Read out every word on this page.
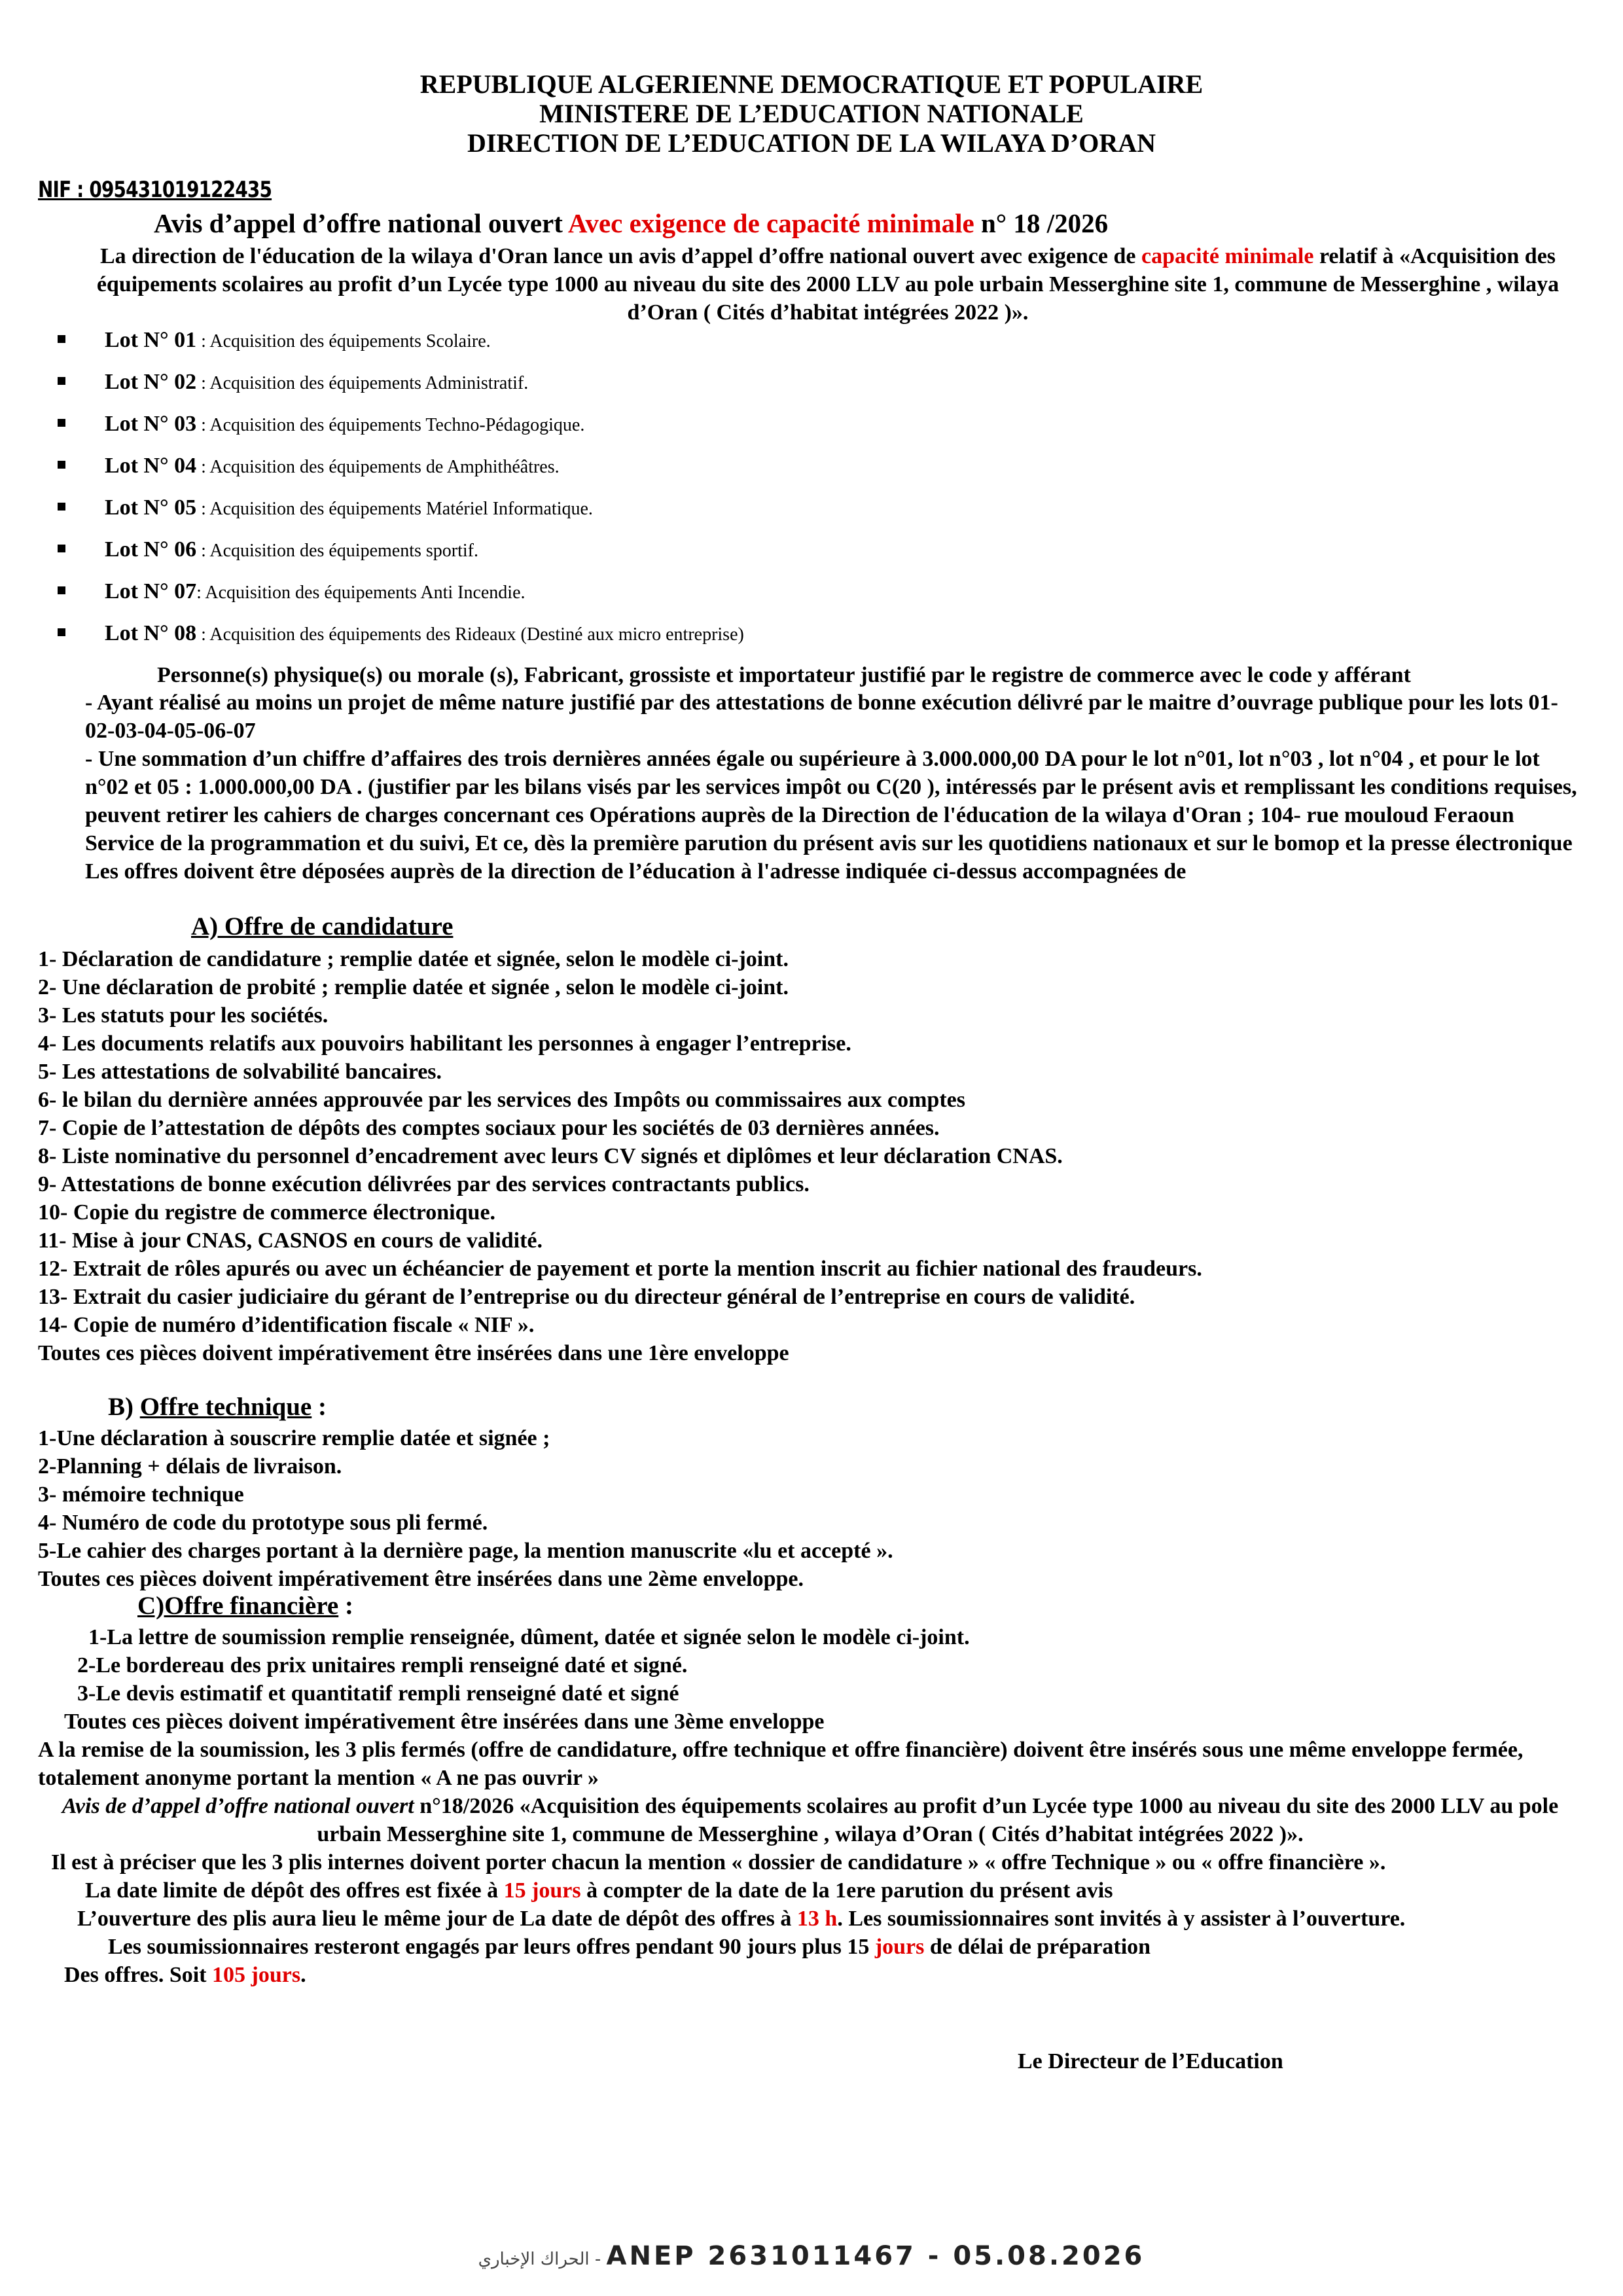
REPUBLIQUE ALGERIENNE DEMOCRATIQUE ET POPULAIRE
MINISTERE DE L’EDUCATION NATIONALE
DIRECTION DE L’EDUCATION DE LA WILAYA D’ORAN
NIF : 095431019122435
Avis d’appel d’offre national ouvert Avec exigence de capacité minimale n° 18 /2026
La direction de l'éducation de la wilaya d'Oran lance un avis d’appel d’offre national ouvert avec exigence de capacité minimale relatif à «Acquisition des équipements scolaires au profit d’un Lycée type 1000 au niveau du site des 2000 LLV au pole urbain Messerghine site 1, commune de Messerghine , wilaya d’Oran ( Cités d’habitat intégrées 2022 )».
Lot N° 01 : Acquisition des équipements Scolaire.
Lot N° 02 : Acquisition des équipements Administratif.
Lot N° 03 : Acquisition des équipements Techno-Pédagogique.
Lot N° 04 : Acquisition des équipements de Amphithéâtres.
Lot N° 05 : Acquisition des équipements Matériel Informatique.
Lot N° 06 : Acquisition des équipements sportif.
Lot N° 07: Acquisition des équipements Anti Incendie.
Lot N° 08 : Acquisition des équipements des Rideaux (Destiné aux micro entreprise)
Personne(s) physique(s) ou morale (s), Fabricant, grossiste et importateur justifié par le registre de commerce avec le code y afférant
- Ayant réalisé au moins un projet de même nature justifié par des attestations de bonne exécution délivré par le maitre d’ouvrage publique pour les lots 01-02-03-04-05-06-07
- Une sommation d’un chiffre d’affaires des trois dernières années égale ou supérieure à 3.000.000,00 DA pour le lot n°01, lot n°03 , lot n°04 , et pour le lot n°02 et 05 : 1.000.000,00 DA . (justifier par les bilans visés par les services impôt ou C(20 ), intéressés par le présent avis et remplissant les conditions requises, peuvent retirer les cahiers de charges concernant ces Opérations auprès de la Direction de l'éducation de la wilaya d'Oran ; 104- rue mouloud Feraoun Service de la programmation et du suivi, Et ce, dès la première parution du présent avis sur les quotidiens nationaux et sur le bomop et la presse électronique Les offres doivent être déposées auprès de la direction de l’éducation à l'adresse indiquée ci-dessus accompagnées de
A) Offre de candidature
1- Déclaration de candidature ; remplie datée et signée, selon le modèle ci-joint.
2- Une déclaration de probité ; remplie datée et signée , selon le modèle ci-joint.
3- Les statuts pour les sociétés.
4- Les documents relatifs aux pouvoirs habilitant les personnes à engager l’entreprise.
5- Les attestations de solvabilité bancaires.
6- le bilan du dernière années approuvée par les services des Impôts ou commissaires aux comptes
7- Copie de l’attestation de dépôts des comptes sociaux pour les sociétés de 03 dernières années.
8- Liste nominative du personnel d’encadrement avec leurs CV signés et diplômes et leur déclaration CNAS.
9- Attestations de bonne exécution délivrées par des services contractants publics.
10- Copie du registre de commerce électronique.
11- Mise à jour CNAS, CASNOS en cours de validité.
12- Extrait de rôles apurés ou avec un échéancier de payement et porte la mention inscrit au fichier national des fraudeurs.
13- Extrait du casier judiciaire du gérant de l’entreprise ou du directeur général de l’entreprise en cours de validité.
14- Copie de numéro d’identification fiscale « NIF ».
Toutes ces pièces doivent impérativement être insérées dans une 1ère enveloppe
B) Offre technique :
1-Une déclaration à souscrire remplie datée et signée ;
2-Planning + délais de livraison.
3- mémoire technique
4- Numéro de code du prototype sous pli fermé.
5-Le cahier des charges portant à la dernière page, la mention manuscrite «lu et accepté ».
Toutes ces pièces doivent impérativement être insérées dans une 2ème enveloppe.
C)Offre financière :
1-La lettre de soumission remplie renseignée, dûment, datée et signée selon le modèle ci-joint.
2-Le bordereau des prix unitaires rempli renseigné daté et signé.
3-Le devis estimatif et quantitatif rempli renseigné daté et signé
Toutes ces pièces doivent impérativement être insérées dans une 3ème enveloppe
A la remise de la soumission, les 3 plis fermés (offre de candidature, offre technique et offre financière) doivent être insérés sous une même enveloppe fermée, totalement anonyme portant la mention « A ne pas ouvrir »
Avis de d’appel d’offre national ouvert n°18/2026 «Acquisition des équipements scolaires au profit d’un Lycée type 1000 au niveau du site des 2000 LLV au pole urbain Messerghine site 1, commune de Messerghine , wilaya d’Oran ( Cités d’habitat intégrées 2022 )».
Il est à préciser que les 3 plis internes doivent porter chacun la mention « dossier de candidature » « offre Technique » ou « offre financière ».
La date limite de dépôt des offres est fixée à 15 jours à compter de la date de la 1ere parution du présent avis
L’ouverture des plis aura lieu le même jour de La date de dépôt des offres à 13 h. Les soumissionnaires sont invités à y assister à l’ouverture.
Les soumissionnaires resteront engagés par leurs offres pendant 90 jours plus 15 jours de délai de préparation
Des offres. Soit 105 jours.
Le Directeur de l’Education
الحراك الإخباري - ANEP 2631011467 - 05.08.2026
